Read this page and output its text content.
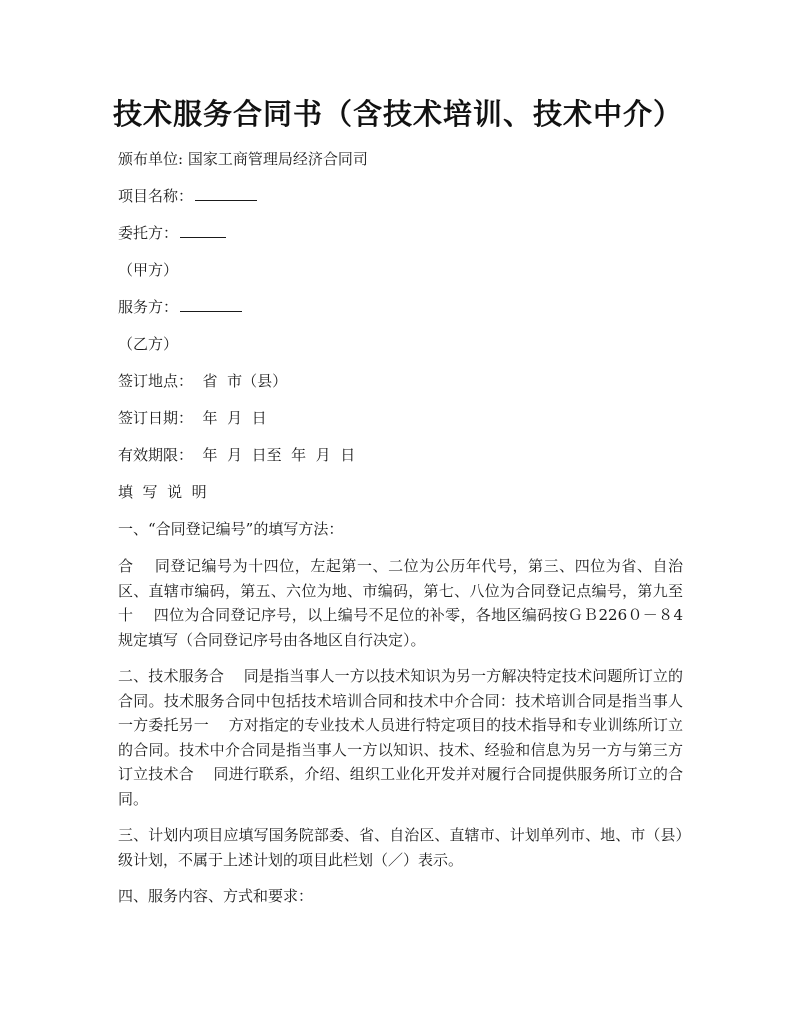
技术服务合同书（含技术培训、技术中介）
颁布单位: 国家工商管理局经济合同司
项目名称：
委托方：
（甲方）
服务方：
（乙方）
签订地点：  省  市（县）
签订日期：  年  月  日
有效期限：  年  月  日至  年  月  日
填  写  说  明
一、“合同登记编号”的填写方法：
合    同登记编号为十四位，左起第一、二位为公历年代号，第三、四位为省、自治区、直辖市编码，第五、六位为地、市编码，第七、八位为合同登记点编号，第九至十    四位为合同登记序号，以上编号不足位的补零，各地区编码按ＧＢ226０－８4规定填写（合同登记序号由各地区自行决定）。
二、技术服务合    同是指当事人一方以技术知识为另一方解决特定技术问题所订立的合同。技术服务合同中包括技术培训合同和技术中介合同：技术培训合同是指当事人一方委托另一    方对指定的专业技术人员进行特定项目的技术指导和专业训练所订立的合同。技术中介合同是指当事人一方以知识、技术、经验和信息为另一方与第三方订立技术合    同进行联系，介绍、组织工业化开发并对履行合同提供服务所订立的合同。
三、计划内项目应填写国务院部委、省、自治区、直辖市、计划单列市、地、市（县）级计划，不属于上述计划的项目此栏划（／）表示。
四、服务内容、方式和要求：
